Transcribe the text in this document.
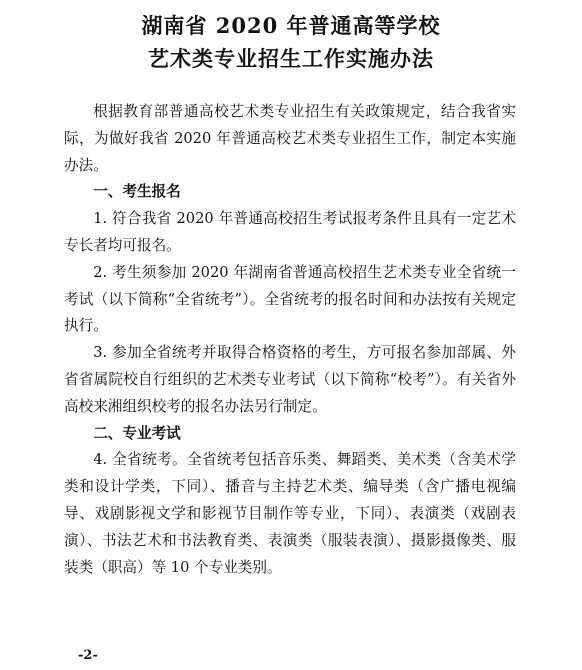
湖南省 2020 年普通高等学校
艺术类专业招生工作实施办法

根据教育部普通高校艺术类专业招生有关政策规定，结合我省实际，为做好我省 2020 年普通高校艺术类专业招生工作，制定本实施办法。

一、考生报名

1. 符合我省 2020 年普通高校招生考试报考条件且具有一定艺术专长者均可报名。

2. 考生须参加 2020 年湖南省普通高校招生艺术类专业全省统一考试（以下简称“全省统考”）。全省统考的报名时间和办法按有关规定执行。

3. 参加全省统考并取得合格资格的考生，方可报名参加部属、外省省属院校自行组织的艺术类专业考试（以下简称“校考”）。有关省外高校来湘组织校考的报名办法另行制定。

二、专业考试

4. 全省统考。全省统考包括音乐类、舞蹈类、美术类（含美术学类和设计学类，下同）、播音与主持艺术类、编导类（含广播电视编导、戏剧影视文学和影视节目制作等专业，下同）、表演类（戏剧表演）、书法艺术和书法教育类、表演类（服装表演）、摄影摄像类、服装类（职高）等 10 个专业类别。

-2-
